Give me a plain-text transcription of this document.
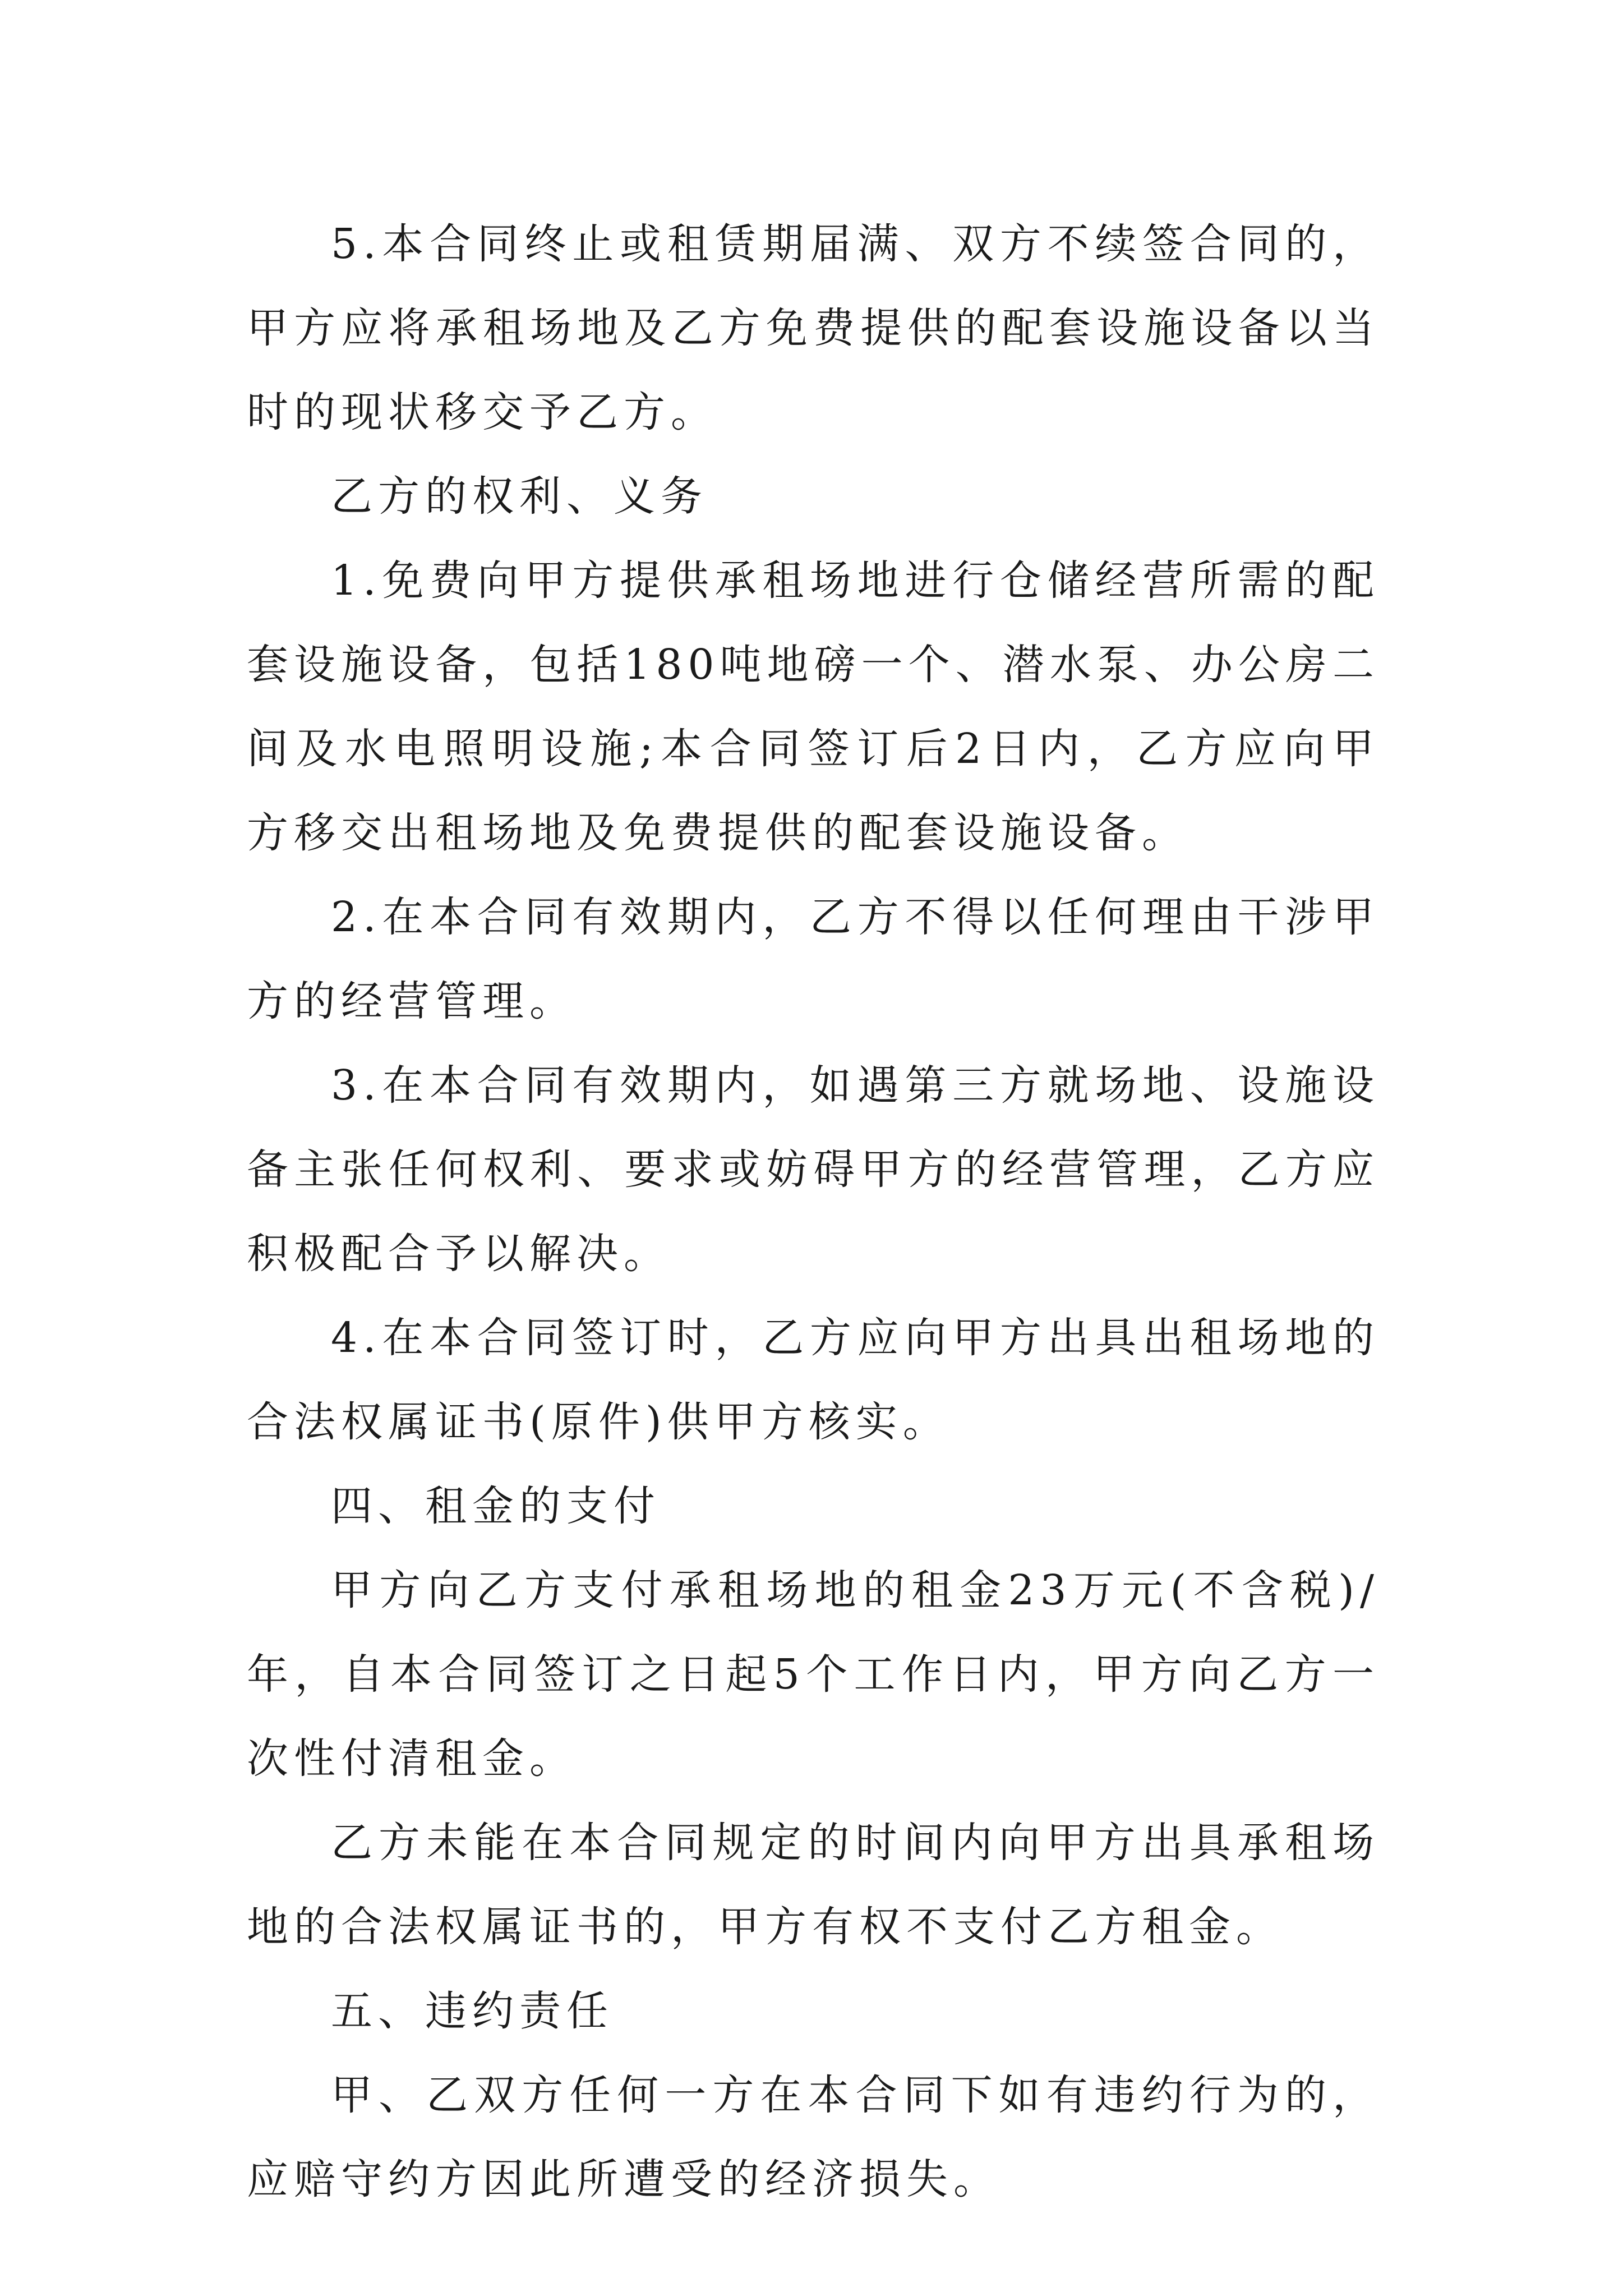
5.本合同终止或租赁期届满、双方不续签合同的，甲方应将承租场地及乙方免费提供的配套设施设备以当时的现状移交予乙方。

乙方的权利、义务

1.免费向甲方提供承租场地进行仓储经营所需的配套设施设备，包括180吨地磅一个、潜水泵、办公房二间及水电照明设施;本合同签订后2日内，乙方应向甲方移交出租场地及免费提供的配套设施设备。

2.在本合同有效期内，乙方不得以任何理由干涉甲方的经营管理。

3.在本合同有效期内，如遇第三方就场地、设施设备主张任何权利、要求或妨碍甲方的经营管理，乙方应积极配合予以解决。

4.在本合同签订时，乙方应向甲方出具出租场地的合法权属证书(原件)供甲方核实。

四、租金的支付

甲方向乙方支付承租场地的租金23万元(不含税)/年，自本合同签订之日起5个工作日内，甲方向乙方一次性付清租金。

乙方未能在本合同规定的时间内向甲方出具承租场地的合法权属证书的，甲方有权不支付乙方租金。

五、违约责任

甲、乙双方任何一方在本合同下如有违约行为的，应赔守约方因此所遭受的经济损失。
